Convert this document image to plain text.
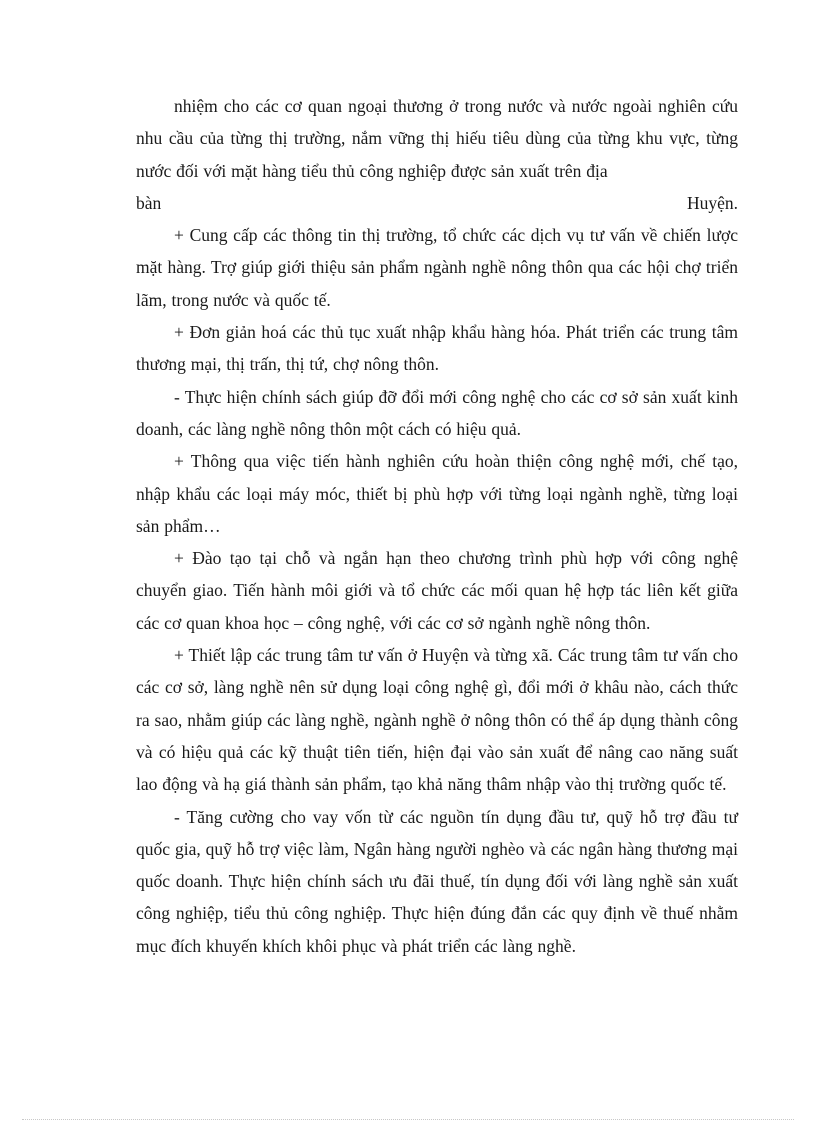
nhiệm cho các cơ quan ngoại thương ở trong nước và nước ngoài nghiên cứu nhu cầu của từng thị trường, nắm vững thị hiếu tiêu dùng của từng khu vực, từng nước đối với mặt hàng tiểu thủ công nghiệp được sản xuất trên địa

bàn	Huyện.

+ Cung cấp các thông tin thị trường, tổ chức các dịch vụ tư vấn về chiến lược mặt hàng. Trợ giúp giới thiệu sản phẩm ngành nghề nông thôn qua các hội chợ triển lãm, trong nước và quốc tế.

+ Đơn giản hoá các thủ tục xuất nhập khẩu hàng hóa. Phát triển các trung tâm thương mại, thị trấn, thị tứ, chợ nông thôn.

- Thực hiện chính sách giúp đỡ đổi mới công nghệ cho các cơ sở sản xuất kinh doanh, các làng nghề nông thôn một cách có hiệu quả.

+ Thông qua việc tiến hành nghiên cứu hoàn thiện công nghệ mới, chế tạo, nhập khẩu các loại máy móc, thiết bị phù hợp với từng loại ngành nghề, từng loại sản phẩm…

+ Đào tạo tại chỗ và ngắn hạn theo chương trình phù hợp với công nghệ chuyển giao. Tiến hành môi giới và tổ chức các mối quan hệ hợp tác liên kết giữa các cơ quan khoa học – công nghệ, với các cơ sở ngành nghề nông thôn.

+ Thiết lập các trung tâm tư vấn ở Huyện và từng xã. Các trung tâm tư vấn cho các cơ sở, làng nghề nên sử dụng loại công nghệ gì, đổi mới ở khâu nào, cách thức ra sao, nhằm giúp các làng nghề, ngành nghề ở nông thôn có thể áp dụng thành công và có hiệu quả các kỹ thuật tiên tiến, hiện đại vào sản xuất để nâng cao năng suất lao động và hạ giá thành sản phẩm, tạo khả năng thâm nhập vào thị trường quốc tế.

- Tăng cường cho vay vốn từ các nguồn tín dụng đầu tư, quỹ hỗ trợ đầu tư quốc gia, quỹ hỗ trợ việc làm, Ngân hàng người nghèo và các ngân hàng thương mại quốc doanh. Thực hiện chính sách ưu đãi thuế, tín dụng đối với làng nghề sản xuất công nghiệp, tiểu thủ công nghiệp. Thực hiện đúng đắn các quy định về thuế nhằm mục đích khuyến khích khôi phục và phát triển các làng nghề.
